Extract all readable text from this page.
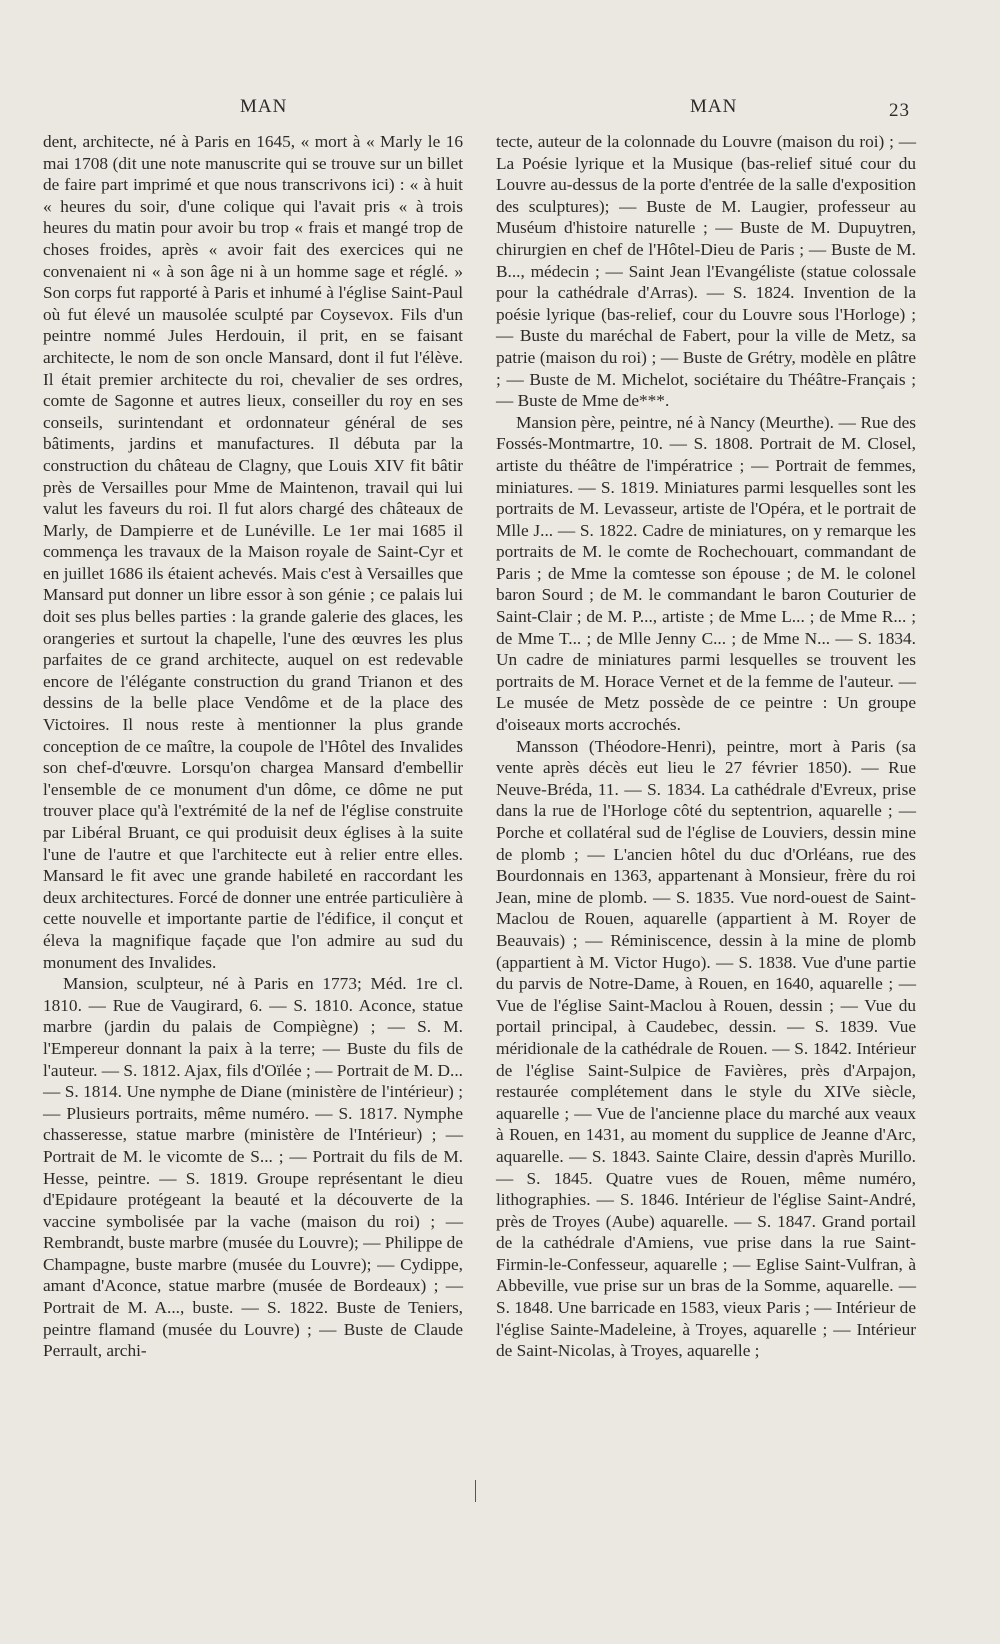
MAN	MAN	23

dent, architecte, né à Paris en 1645, « mort à « Marly le 16 mai 1708 (dit une note manuscrite qui se trouve sur un billet de faire part imprimé et que nous transcrivons ici) : « à huit « heures du soir, d'une colique qui l'avait pris « à trois heures du matin pour avoir bu trop « frais et mangé trop de choses froides, après « avoir fait des exercices qui ne convenaient ni « à son âge ni à un homme sage et réglé. » Son corps fut rapporté à Paris et inhumé à l'église Saint-Paul où fut élevé un mausolée sculpté par Coysevox. Fils d'un peintre nommé Jules Herdouin, il prit, en se faisant architecte, le nom de son oncle Mansard, dont il fut l'élève. Il était premier architecte du roi, chevalier de ses ordres, comte de Sagonne et autres lieux, conseiller du roy en ses conseils, surintendant et ordonnateur général de ses bâtiments, jardins et manufactures. Il débuta par la construction du château de Clagny, que Louis XIV fit bâtir près de Versailles pour Mme de Maintenon, travail qui lui valut les faveurs du roi. Il fut alors chargé des châteaux de Marly, de Dampierre et de Lunéville. Le 1er mai 1685 il commença les travaux de la Maison royale de Saint-Cyr et en juillet 1686 ils étaient achevés. Mais c'est à Versailles que Mansard put donner un libre essor à son génie ; ce palais lui doit ses plus belles parties : la grande galerie des glaces, les orangeries et surtout la chapelle, l'une des œuvres les plus parfaites de ce grand architecte, auquel on est redevable encore de l'élégante construction du grand Trianon et des dessins de la belle place Vendôme et de la place des Victoires. Il nous reste à mentionner la plus grande conception de ce maître, la coupole de l'Hôtel des Invalides son chef-d'œuvre. Lorsqu'on chargea Mansard d'embellir l'ensemble de ce monument d'un dôme, ce dôme ne put trouver place qu'à l'extrémité de la nef de l'église construite par Libéral Bruant, ce qui produisit deux églises à la suite l'une de l'autre et que l'architecte eut à relier entre elles. Mansard le fit avec une grande habileté en raccordant les deux architectures. Forcé de donner une entrée particulière à cette nouvelle et importante partie de l'édifice, il conçut et éleva la magnifique façade que l'on admire au sud du monument des Invalides.

Mansion, sculpteur, né à Paris en 1773; Méd. 1re cl. 1810. — Rue de Vaugirard, 6. — S. 1810. Aconce, statue marbre (jardin du palais de Compiègne) ; — S. M. l'Empereur donnant la paix à la terre; — Buste du fils de l'auteur. — S. 1812. Ajax, fils d'Oïlée ; — Portrait de M. D... — S. 1814. Une nymphe de Diane (ministère de l'intérieur) ; — Plusieurs portraits, même numéro. — S. 1817. Nymphe chasseresse, statue marbre (ministère de l'Intérieur) ; — Portrait de M. le vicomte de S... ; — Portrait du fils de M. Hesse, peintre. — S. 1819. Groupe représentant le dieu d'Epidaure protégeant la beauté et la découverte de la vaccine symbolisée par la vache (maison du roi) ; — Rembrandt, buste marbre (musée du Louvre); — Philippe de Champagne, buste marbre (musée du Louvre); — Cydippe, amant d'Aconce, statue marbre (musée de Bordeaux) ; — Portrait de M. A..., buste. — S. 1822. Buste de Teniers, peintre flamand (musée du Louvre) ; — Buste de Claude Perrault, archi-

tecte, auteur de la colonnade du Louvre (maison du roi) ; — La Poésie lyrique et la Musique (bas-relief situé cour du Louvre au-dessus de la porte d'entrée de la salle d'exposition des sculptures); — Buste de M. Laugier, professeur au Muséum d'histoire naturelle ; — Buste de M. Dupuytren, chirurgien en chef de l'Hôtel-Dieu de Paris ; — Buste de M. B..., médecin ; — Saint Jean l'Evangéliste (statue colossale pour la cathédrale d'Arras). — S. 1824. Invention de la poésie lyrique (bas-relief, cour du Louvre sous l'Horloge) ; — Buste du maréchal de Fabert, pour la ville de Metz, sa patrie (maison du roi) ; — Buste de Grétry, modèle en plâtre ; — Buste de M. Michelot, sociétaire du Théâtre-Français ; — Buste de Mme de***.

Mansion père, peintre, né à Nancy (Meurthe). — Rue des Fossés-Montmartre, 10. — S. 1808. Portrait de M. Closel, artiste du théâtre de l'impératrice ; — Portrait de femmes, miniatures. — S. 1819. Miniatures parmi lesquelles sont les portraits de M. Levasseur, artiste de l'Opéra, et le portrait de Mlle J... — S. 1822. Cadre de miniatures, on y remarque les portraits de M. le comte de Rochechouart, commandant de Paris ; de Mme la comtesse son épouse ; de M. le colonel baron Sourd ; de M. le commandant le baron Couturier de Saint-Clair ; de M. P..., artiste ; de Mme L... ; de Mme R... ; de Mme T... ; de Mlle Jenny C... ; de Mme N... — S. 1834. Un cadre de miniatures parmi lesquelles se trouvent les portraits de M. Horace Vernet et de la femme de l'auteur. — Le musée de Metz possède de ce peintre : Un groupe d'oiseaux morts accrochés.

Mansson (Théodore-Henri), peintre, mort à Paris (sa vente après décès eut lieu le 27 février 1850). — Rue Neuve-Bréda, 11. — S. 1834. La cathédrale d'Evreux, prise dans la rue de l'Horloge côté du septentrion, aquarelle ; — Porche et collatéral sud de l'église de Louviers, dessin mine de plomb ; — L'ancien hôtel du duc d'Orléans, rue des Bourdonnais en 1363, appartenant à Monsieur, frère du roi Jean, mine de plomb. — S. 1835. Vue nord-ouest de Saint-Maclou de Rouen, aquarelle (appartient à M. Royer de Beauvais) ; — Réminiscence, dessin à la mine de plomb (appartient à M. Victor Hugo). — S. 1838. Vue d'une partie du parvis de Notre-Dame, à Rouen, en 1640, aquarelle ; — Vue de l'église Saint-Maclou à Rouen, dessin ; — Vue du portail principal, à Caudebec, dessin. — S. 1839. Vue méridionale de la cathédrale de Rouen. — S. 1842. Intérieur de l'église Saint-Sulpice de Favières, près d'Arpajon, restaurée complétement dans le style du XIVe siècle, aquarelle ; — Vue de l'ancienne place du marché aux veaux à Rouen, en 1431, au moment du supplice de Jeanne d'Arc, aquarelle. — S. 1843. Sainte Claire, dessin d'après Murillo. — S. 1845. Quatre vues de Rouen, même numéro, lithographies. — S. 1846. Intérieur de l'église Saint-André, près de Troyes (Aube) aquarelle. — S. 1847. Grand portail de la cathédrale d'Amiens, vue prise dans la rue Saint-Firmin-le-Confesseur, aquarelle ; — Eglise Saint-Vulfran, à Abbeville, vue prise sur un bras de la Somme, aquarelle. — S. 1848. Une barricade en 1583, vieux Paris ; — Intérieur de l'église Sainte-Madeleine, à Troyes, aquarelle ; — Intérieur de Saint-Nicolas, à Troyes, aquarelle ;
